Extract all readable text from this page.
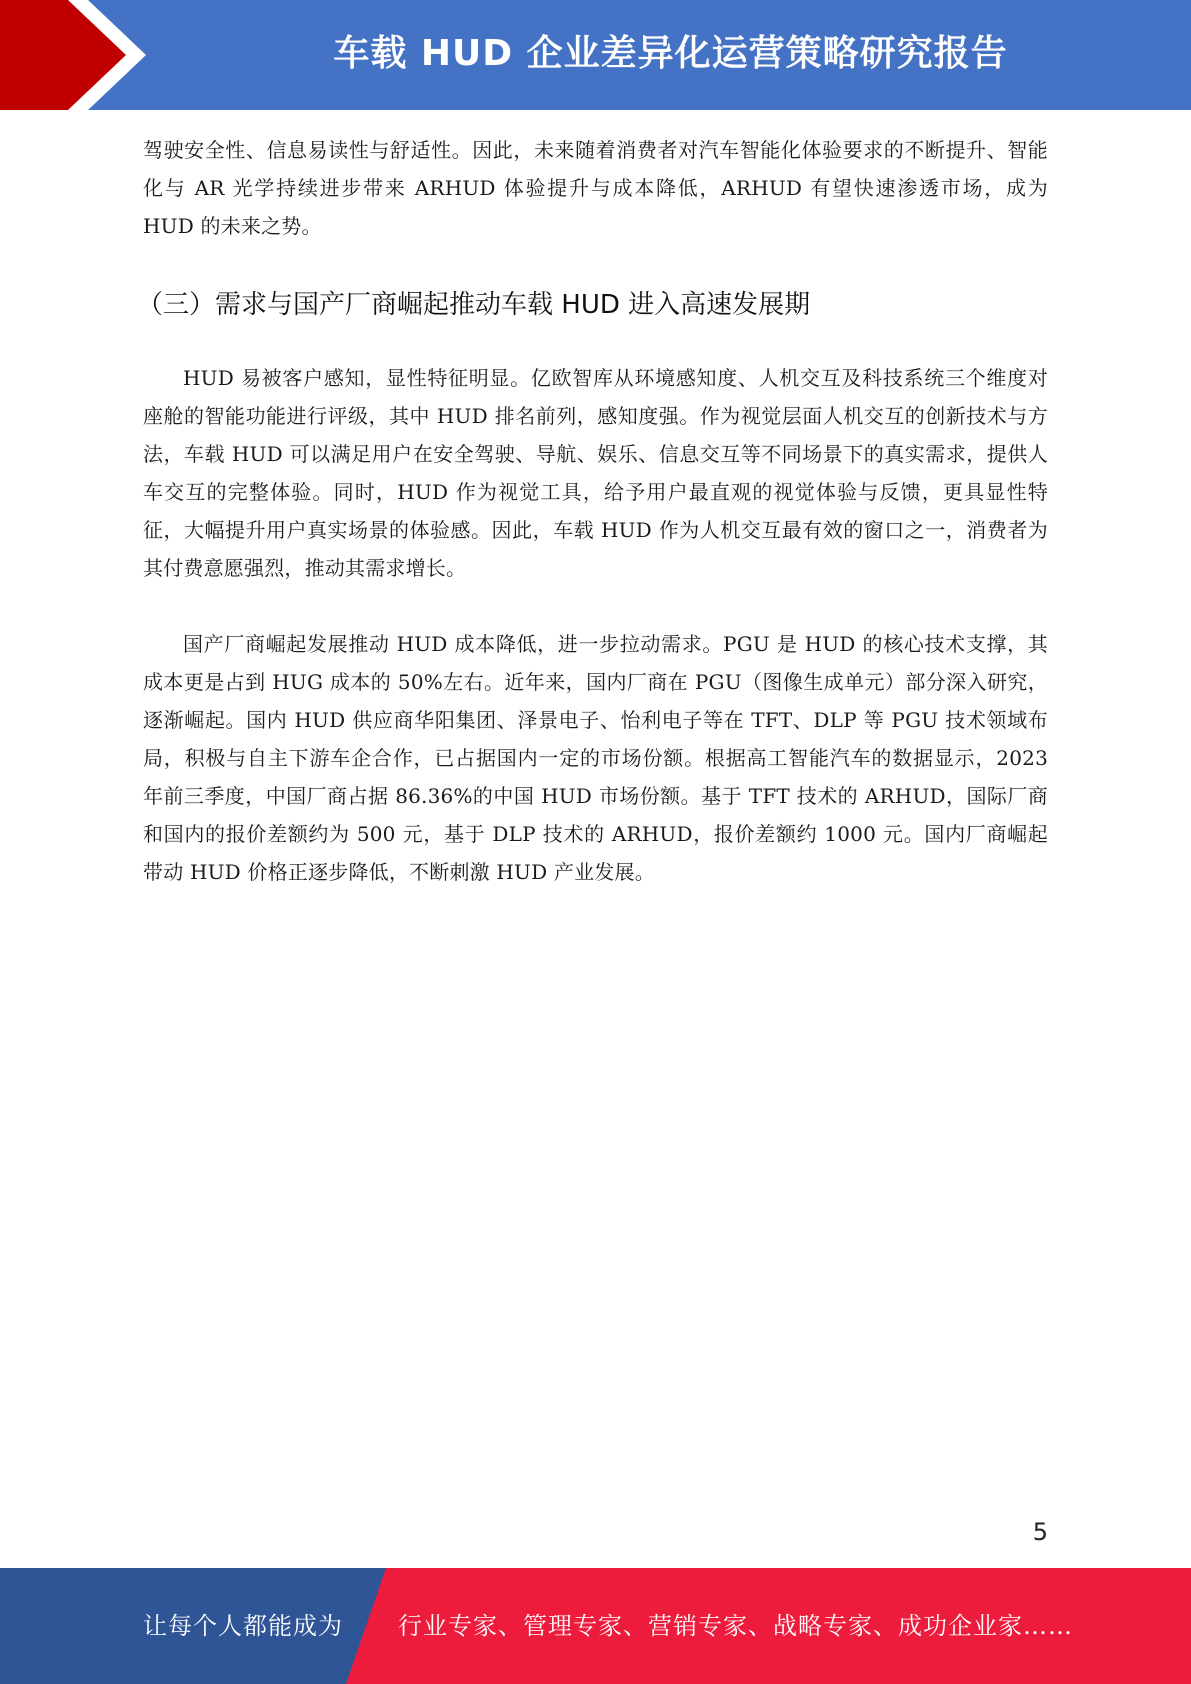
车载 HUD 企业差异化运营策略研究报告

驾驶安全性、信息易读性与舒适性。因此，未来随着消费者对汽车智能化体验要求的不断提升、智能化与 AR 光学持续进步带来 ARHUD 体验提升与成本降低，ARHUD 有望快速渗透市场，成为 HUD 的未来之势。

（三）需求与国产厂商崛起推动车载 HUD 进入高速发展期

HUD 易被客户感知，显性特征明显。亿欧智库从环境感知度、人机交互及科技系统三个维度对座舱的智能功能进行评级，其中 HUD 排名前列，感知度强。作为视觉层面人机交互的创新技术与方法，车载 HUD 可以满足用户在安全驾驶、导航、娱乐、信息交互等不同场景下的真实需求，提供人车交互的完整体验。同时，HUD 作为视觉工具，给予用户最直观的视觉体验与反馈，更具显性特征，大幅提升用户真实场景的体验感。因此，车载 HUD 作为人机交互最有效的窗口之一，消费者为其付费意愿强烈，推动其需求增长。

国产厂商崛起发展推动 HUD 成本降低，进一步拉动需求。PGU 是 HUD 的核心技术支撑，其成本更是占到 HUG 成本的 50%左右。近年来，国内厂商在 PGU（图像生成单元）部分深入研究，逐渐崛起。国内 HUD 供应商华阳集团、泽景电子、怡利电子等在 TFT、DLP 等 PGU 技术领域布局，积极与自主下游车企合作，已占据国内一定的市场份额。根据高工智能汽车的数据显示，2023 年前三季度，中国厂商占据 86.36%的中国 HUD 市场份额。基于 TFT 技术的 ARHUD，国际厂商和国内的报价差额约为 500 元，基于 DLP 技术的 ARHUD，报价差额约 1000 元。国内厂商崛起带动 HUD 价格正逐步降低，不断刺激 HUD 产业发展。

5
让每个人都能成为 行业专家、管理专家、营销专家、战略专家、成功企业家……
